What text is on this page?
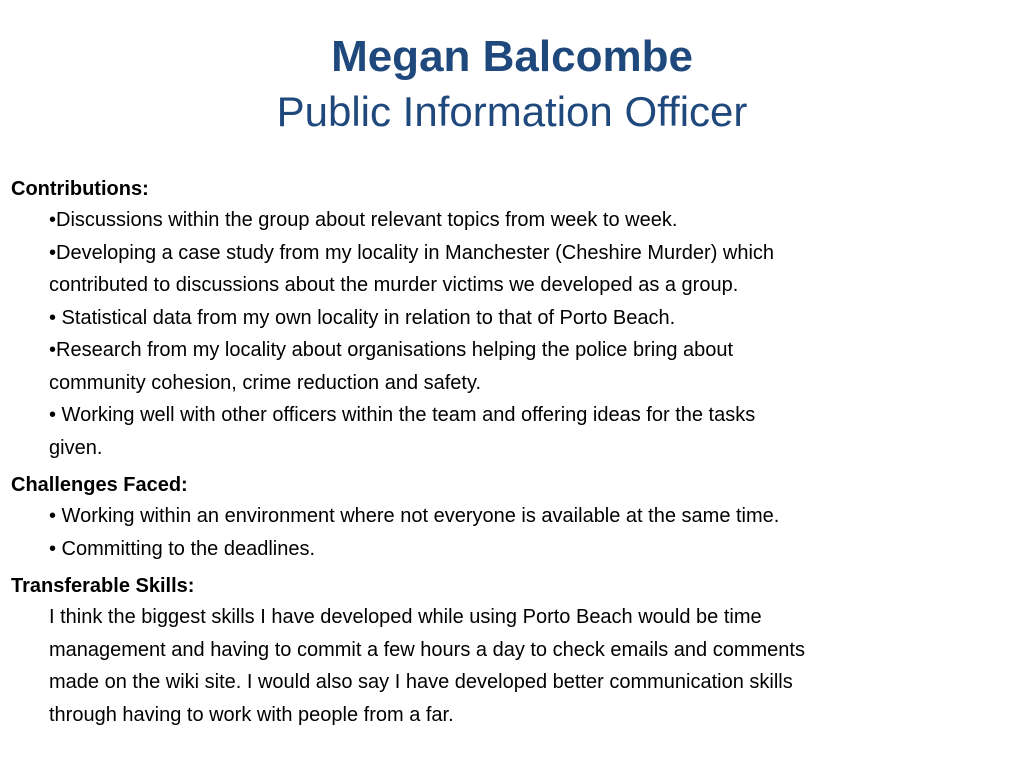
Megan Balcombe
Public Information Officer
Contributions:
•Discussions within the group about relevant topics from week to week.
•Developing a case study from my locality in Manchester (Cheshire Murder) which
contributed to discussions about the murder victims we developed as a group.
• Statistical data from my own locality in relation to that of Porto Beach.
•Research from my locality about organisations helping the police bring about
community cohesion, crime reduction and safety.
• Working well with other officers within the team and offering ideas for the tasks
given.
Challenges Faced:
• Working within an environment where not everyone is available at the same time.
• Committing to the deadlines.
Transferable Skills:
I think the biggest skills I have developed while using Porto Beach would be time
management and having to commit a few hours a day to check emails and comments
made on the wiki site. I would also say I have developed better communication skills
through having to work with people from a far.
